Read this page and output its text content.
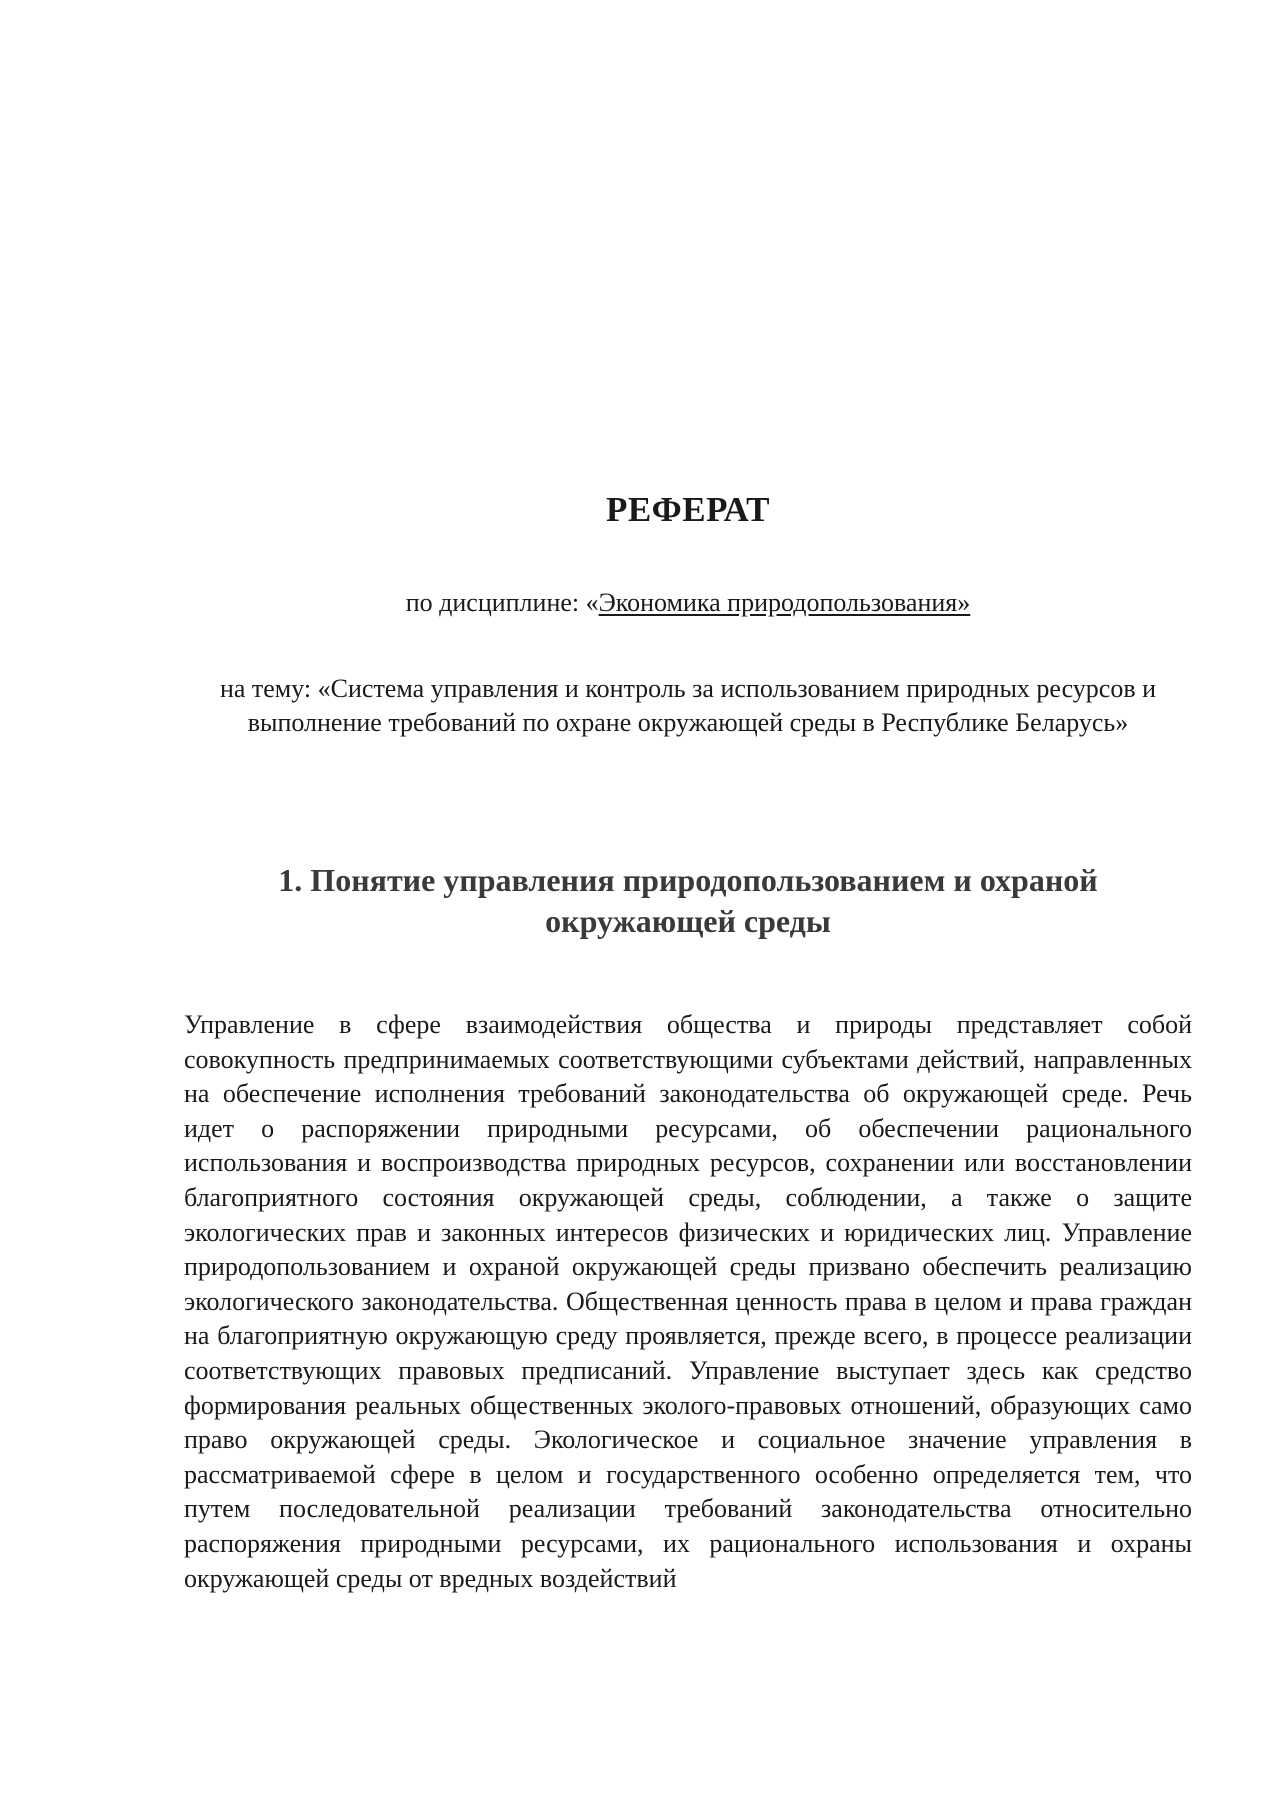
РЕФЕРАТ

по дисциплине: «Экономика природопользования»

на тему: «Система управления и контроль за использованием природных ресурсов и выполнение требований по охране окружающей среды в Республике Беларусь»

1. Понятие управления природопользованием и охраной окружающей среды

Управление в сфере взаимодействия общества и природы представляет собой совокупность предпринимаемых соответствующими субъектами действий, направленных на обеспечение исполнения требований законодательства об окружающей среде. Речь идет о распоряжении природными ресурсами, об обеспечении рационального использования и воспроизводства природных ресурсов, сохранении или восстановлении благоприятного состояния окружающей среды, соблюдении, а также о защите экологических прав и законных интересов физических и юридических лиц. Управление природопользованием и охраной окружающей среды призвано обеспечить реализацию экологического законодательства. Общественная ценность права в целом и права граждан на благоприятную окружающую среду проявляется, прежде всего, в процессе реализации соответствующих правовых предписаний. Управление выступает здесь как средство формирования реальных общественных эколого-правовых отношений, образующих само право окружающей среды. Экологическое и социальное значение управления в рассматриваемой сфере в целом и государственного особенно определяется тем, что путем последовательной реализации требований законодательства относительно распоряжения природными ресурсами, их рационального использования и охраны окружающей среды от вредных воздействий
